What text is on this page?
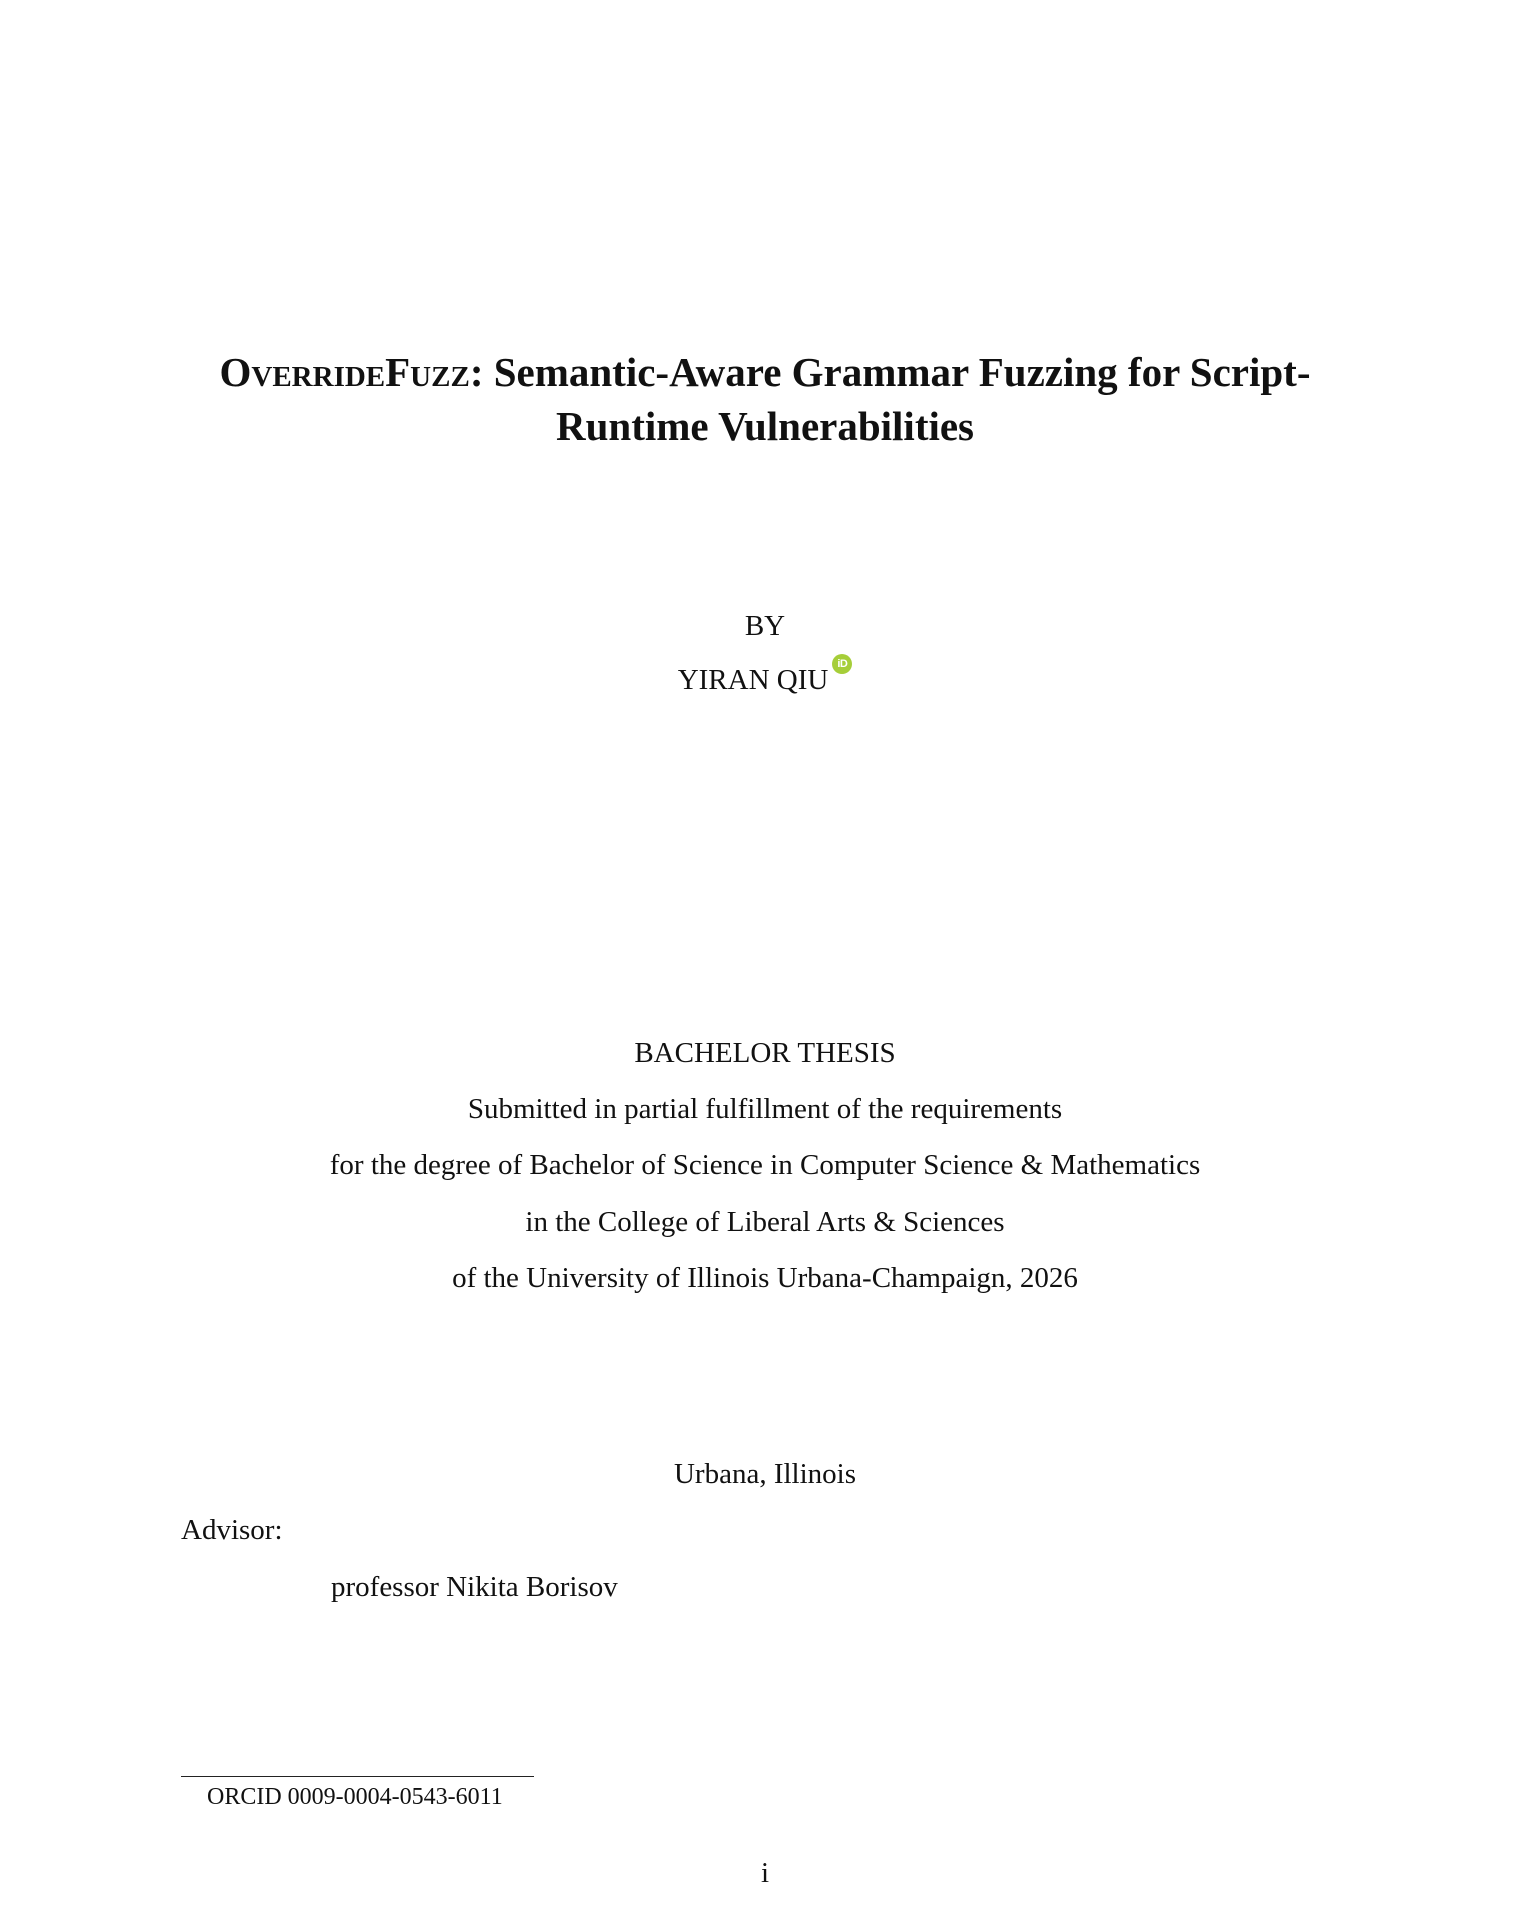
OverrideFuzz: Semantic-Aware Grammar Fuzzing for Script-
Runtime Vulnerabilities
BY
YIRAN QIU iD
BACHELOR THESIS
Submitted in partial fulfillment of the requirements
for the degree of Bachelor of Science in Computer Science & Mathematics
in the College of Liberal Arts & Sciences
of the University of Illinois Urbana-Champaign, 2026
Urbana, Illinois
Advisor:
professor Nikita Borisov
ORCID 0009-0004-0543-6011
i
